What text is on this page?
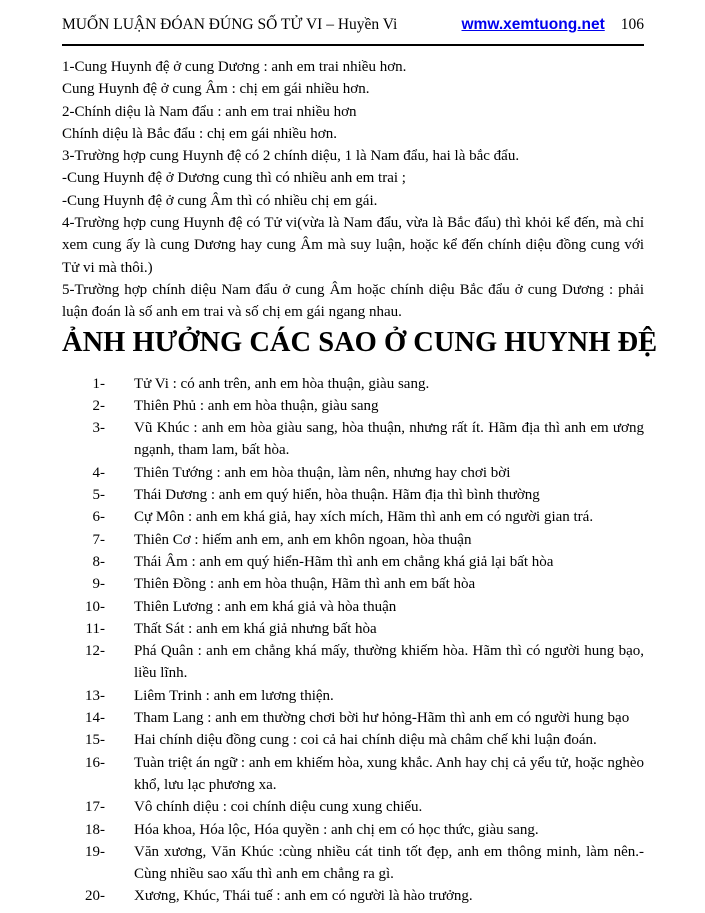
MUỐN LUẬN ĐÓAN ĐÚNG SỐ TỬ VI – Huyền Vi	wmw.xemtuong.net 106

1-Cung Huynh đệ ở cung Dương : anh em trai nhiều hơn.

Cung Huynh đệ ở cung Âm : chị em gái nhiều hơn.

2-Chính diệu là Nam đẩu : anh em trai nhiều hơn

Chính diệu là Bắc đẩu : chị em gái nhiều hơn.

3-Trường hợp cung Huynh đệ có 2 chính diệu, 1 là Nam đẩu, hai là bắc đẩu.

-Cung Huynh đệ ở Dương cung thì có nhiều anh em trai ;

-Cung Huynh đệ ở cung Âm thì có nhiều chị em gái.

4-Trường hợp cung Huynh đệ có Tử vi(vừa là Nam đẩu, vừa là Bắc đẩu) thì khỏi kể đến, mà chỉ xem cung ấy là cung Dương hay cung Âm mà suy luận, hoặc kể đến chính diệu đồng cung với Tử vi mà thôi.)

5-Trường hợp chính diệu Nam đẩu ở cung Âm hoặc chính diệu Bắc đẩu ở cung Dương : phải luận đoán là số anh em trai và số chị em gái ngang nhau.

ẢNH HƯỞNG CÁC SAO Ở CUNG HUYNH ĐỆ
1- Tử Vi : có anh trên, anh em hòa thuận, giàu sang.
2- Thiên Phủ : anh em hòa thuận, giàu sang
3- Vũ Khúc : anh em hòa giàu sang, hòa thuận, nhưng rất ít. Hãm địa thì anh em ương ngạnh, tham lam, bất hòa.
4- Thiên Tướng : anh em hòa thuận, làm nên, nhưng hay chơi bời
5- Thái Dương : anh em quý hiển, hòa thuận. Hãm địa thì bình thường
6- Cự Môn : anh em khá giả, hay xích mích, Hãm thì anh em có người gian trá.
7- Thiên Cơ : hiếm anh em, anh em khôn ngoan, hòa thuận
8- Thái Âm : anh em quý hiển-Hãm thì anh em chẳng khá giả lại bất hòa
9- Thiên Đồng : anh em hòa thuận, Hãm thì anh em bất hòa
10- Thiên Lương : anh em khá giả và hòa thuận
11- Thất Sát : anh em khá giả nhưng bất hòa
12- Phá Quân : anh em chẳng khá mấy, thường khiếm hòa. Hãm thì có người hung bạo, liều lĩnh.
13- Liêm Trinh : anh em lương thiện.
14- Tham Lang : anh em thường chơi bời hư hỏng-Hãm thì anh em có người hung bạo
15- Hai chính diệu đồng cung : coi cả hai chính diệu mà châm chế khi luận đoán.
16- Tuàn triệt án ngữ : anh em khiếm hòa, xung khắc. Anh hay chị cả yểu tử, hoặc nghèo khổ, lưu lạc phương xa.
17- Vô chính diệu : coi chính diệu cung xung chiếu.
18- Hóa khoa, Hóa lộc, Hóa quyền : anh chị em có học thức, giàu sang.
19- Văn xương, Văn Khúc :cùng nhiều cát tinh tốt đẹp, anh em thông minh, làm nên.- Cùng nhiều sao xấu thì anh em chẳng ra gì.
20- Xương, Khúc, Thái tuế : anh em có người là hào trưởng.
